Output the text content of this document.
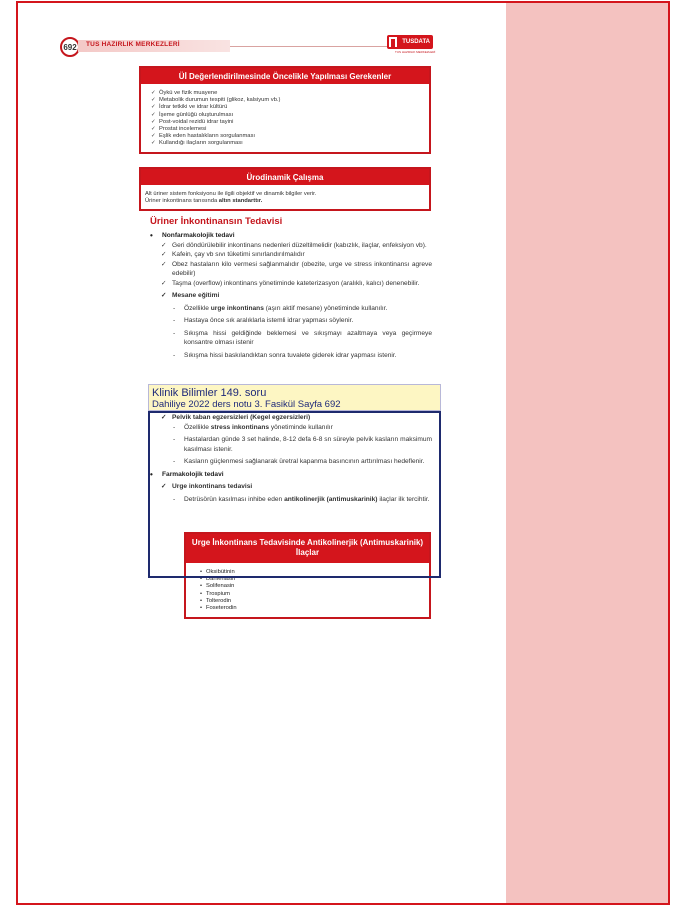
692	TUS HAZIRLIK MERKEZLERİ	TUSDATA
TUS HAZIRLIK MERKEZLERİ
Üİ Değerlendirilmesinde Öncelikle Yapılması Gerekenler
✓ Öykü ve fizik muayene
✓ Metabolik durumun tespiti (glikoz, kalsiyum vb.)
✓ İdrar tetkiki ve idrar kültürü
✓ İşeme günlüğü oluşturulması
✓ Post-voidal rezidü idrar tayini
✓ Prostat incelemesi
✓ Eşlik eden hastalıkların sorgulanması
✓ Kullandığı ilaçların sorgulanması
Ürodinamik Çalışma
Alt üriner sistem fonksiyonu ile ilgili objektif ve dinamik bilgiler verir.
Üriner inkontinans tanısında altın standarttır.
Üriner İnkontinansın Tedavisi
• Nonfarmakolojik tedavi
✓ Geri döndürülebilir inkontinans nedenleri düzeltilmelidir (kabızlık, ilaçlar, enfeksiyon vb).
✓ Kafein, çay vb sıvı tüketimi sınırlandırılmalıdır
✓ Obez hastaların kilo vermesi sağlanmalıdır (obezite, urge ve stress inkontinansı agreve edebilir)
✓ Taşma (overflow) inkontinans yönetiminde kateterizasyon (aralıklı, kalıcı) denenebilir.
✓ Mesane eğitimi
- Özellikle urge inkontinans (aşırı aktif mesane) yönetiminde kullanılır.
- Hastaya önce sık aralıklarla istemli idrar yapması söylenir.
- Sıkışma hissi geldiğinde beklemesi ve sıkışmayı azaltmaya veya geçirmeye konsantre olması istenir
- Sıkışma hissi baskılandıktan sonra tuvalete giderek idrar yapması istenir.
Klinik Bilimler 149. soru
Dahiliye 2022 ders notu 3. Fasikül Sayfa 692
✓ Pelvik taban egzersizleri (Kegel egzersizleri)
- Özellikle stress inkontinans yönetiminde kullanılır
- Hastalardan günde 3 set halinde, 8-12 defa 6-8 sn süreyle pelvik kasların maksimum kasılması istenir.
- Kasların güçlenmesi sağlanarak üretral kapanma basıncının arttırılması hedeflenir.
• Farmakolojik tedavi
✓ Urge inkontinans tedavisi
- Detrüsörün kasılması inhibe eden antikolinerjik (antimuskarinik) ilaçlar ilk tercihtir.
Urge İnkontinans Tedavisinde Antikolinerjik (Antimuskarinik) İlaçlar
• Oksibütinin
• Darifenasin
• Solifenasin
• Trospium
• Tolterodin
• Foseterodin
